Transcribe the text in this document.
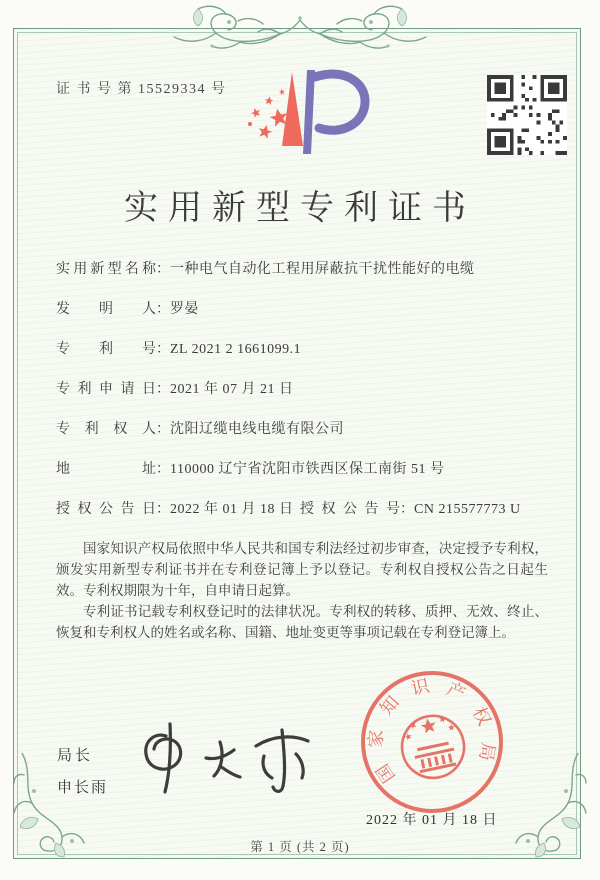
证 书 号 第 15529334 号
实用新型专利证书
实用新型名称：一种电气自动化工程用屏蔽抗干扰性能好的电缆
发明人：罗晏
专利号：ZL 2021 2 1661099.1
专利申请日：2021 年 07 月 21 日
专利权人：沈阳辽缆电线电缆有限公司
地址：110000 辽宁省沈阳市铁西区保工南街 51 号
授权公告日：2022 年 01 月 18 日 授权公告号：CN 215577773 U

国家知识产权局依照中华人民共和国专利法经过初步审查，决定授予专利权，颁发实用新型专利证书并在专利登记簿上予以登记。专利权自授权公告之日起生效。专利权期限为十年，自申请日起算。

专利证书记载专利权登记时的法律状况。专利权的转移、质押、无效、终止、恢复和专利权人的姓名或名称、国籍、地址变更等事项记载在专利登记簿上。

局长
申长雨
国
家
知
识 产
权
局
2022 年 01 月 18 日
第 1 页 (共 2 页)
